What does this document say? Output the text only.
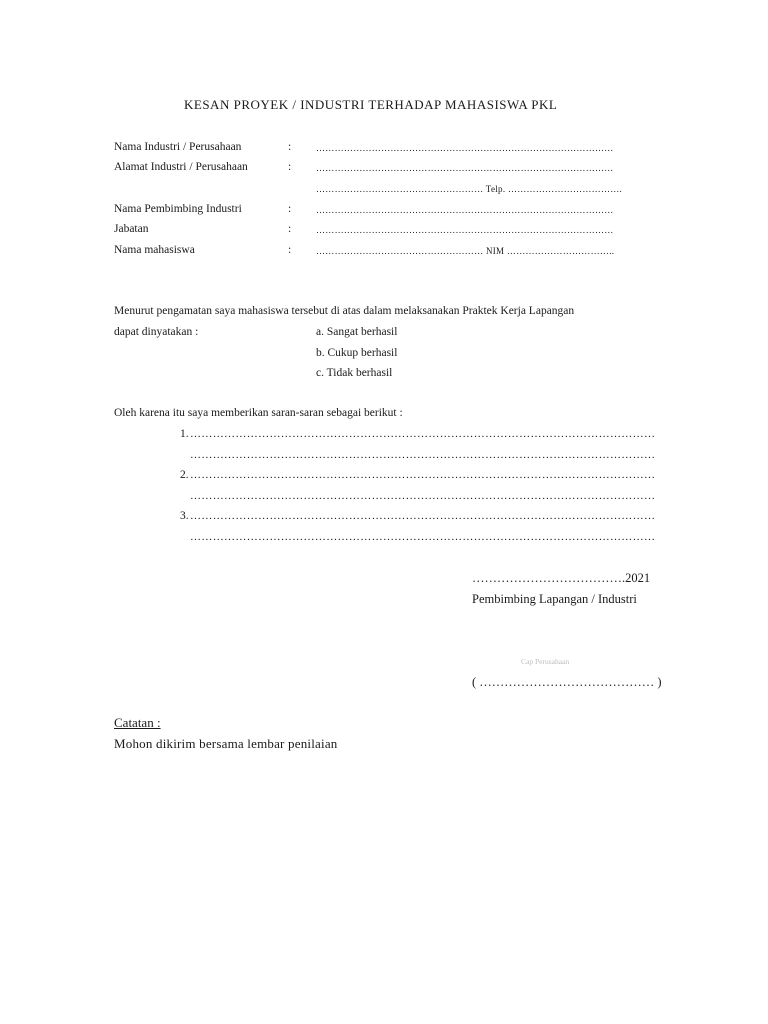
KESAN PROYEK / INDUSTRI TERHADAP MAHASISWA PKL
Nama Industri / Perusahaan	:	……………………………………………………………………………………
Alamat Industri / Perusahaan	:	……………………………………………………………………………………
……………………………………………… Telp. ……………………………….
Nama Pembimbing Industri	:	……………………………………………………………………………………
Jabatan	:	……………………………………………………………………………………
Nama mahasiswa	:	……………………………………………… NIM ……………………………..
Menurut pengamatan saya mahasiswa tersebut di atas dalam melaksanakan Praktek Kerja Lapangan
dapat dinyatakan :	a. Sangat berhasil
b. Cukup berhasil
c. Tidak berhasil
Oleh karena itu saya memberikan saran-saran sebagai berikut :
1. ……………………………………………………………………………………………………………
……………………………………………………………………………………………………………
2. ……………………………………………………………………………………………………………
……………………………………………………………………………………………………………
3. ……………………………………………………………………………………………………………
……………………………………………………………………………………………………………
……………………………….2021
Pembimbing Lapangan / Industri
Cap Perusahaan
( …………………………………… )
Catatan :
Mohon dikirim bersama lembar penilaian
